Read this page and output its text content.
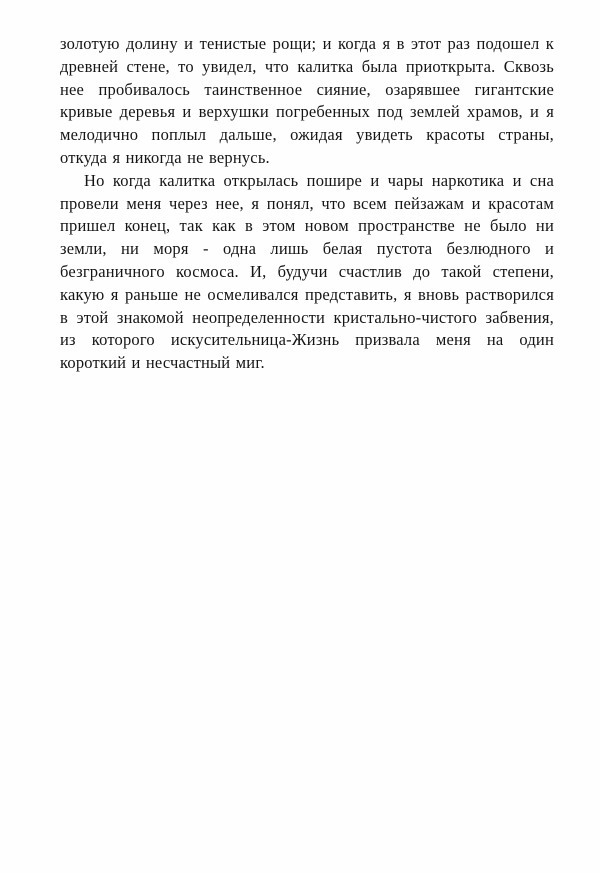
золотую долину и тенистые рощи; и когда я в этот раз подошел к древней стене, то увидел, что калитка была приоткрыта. Сквозь нее пробивалось таинственное сияние, озарявшее гигантские кривые деревья и верхушки погребенных под землей храмов, и я мелодично поплыл дальше, ожидая увидеть красоты страны, откуда я никогда не вернусь.

Но когда калитка открылась пошире и чары наркотика и сна провели меня через нее, я понял, что всем пейзажам и красотам пришел конец, так как в этом новом пространстве не было ни земли, ни моря - одна лишь белая пустота безлюдного и безграничного космоса. И, будучи счастлив до такой степени, какую я раньше не осмеливался представить, я вновь растворился в этой знакомой неопределенности кристально-чистого забвения, из которого искусительница-Жизнь призвала меня на один короткий и несчастный миг.
